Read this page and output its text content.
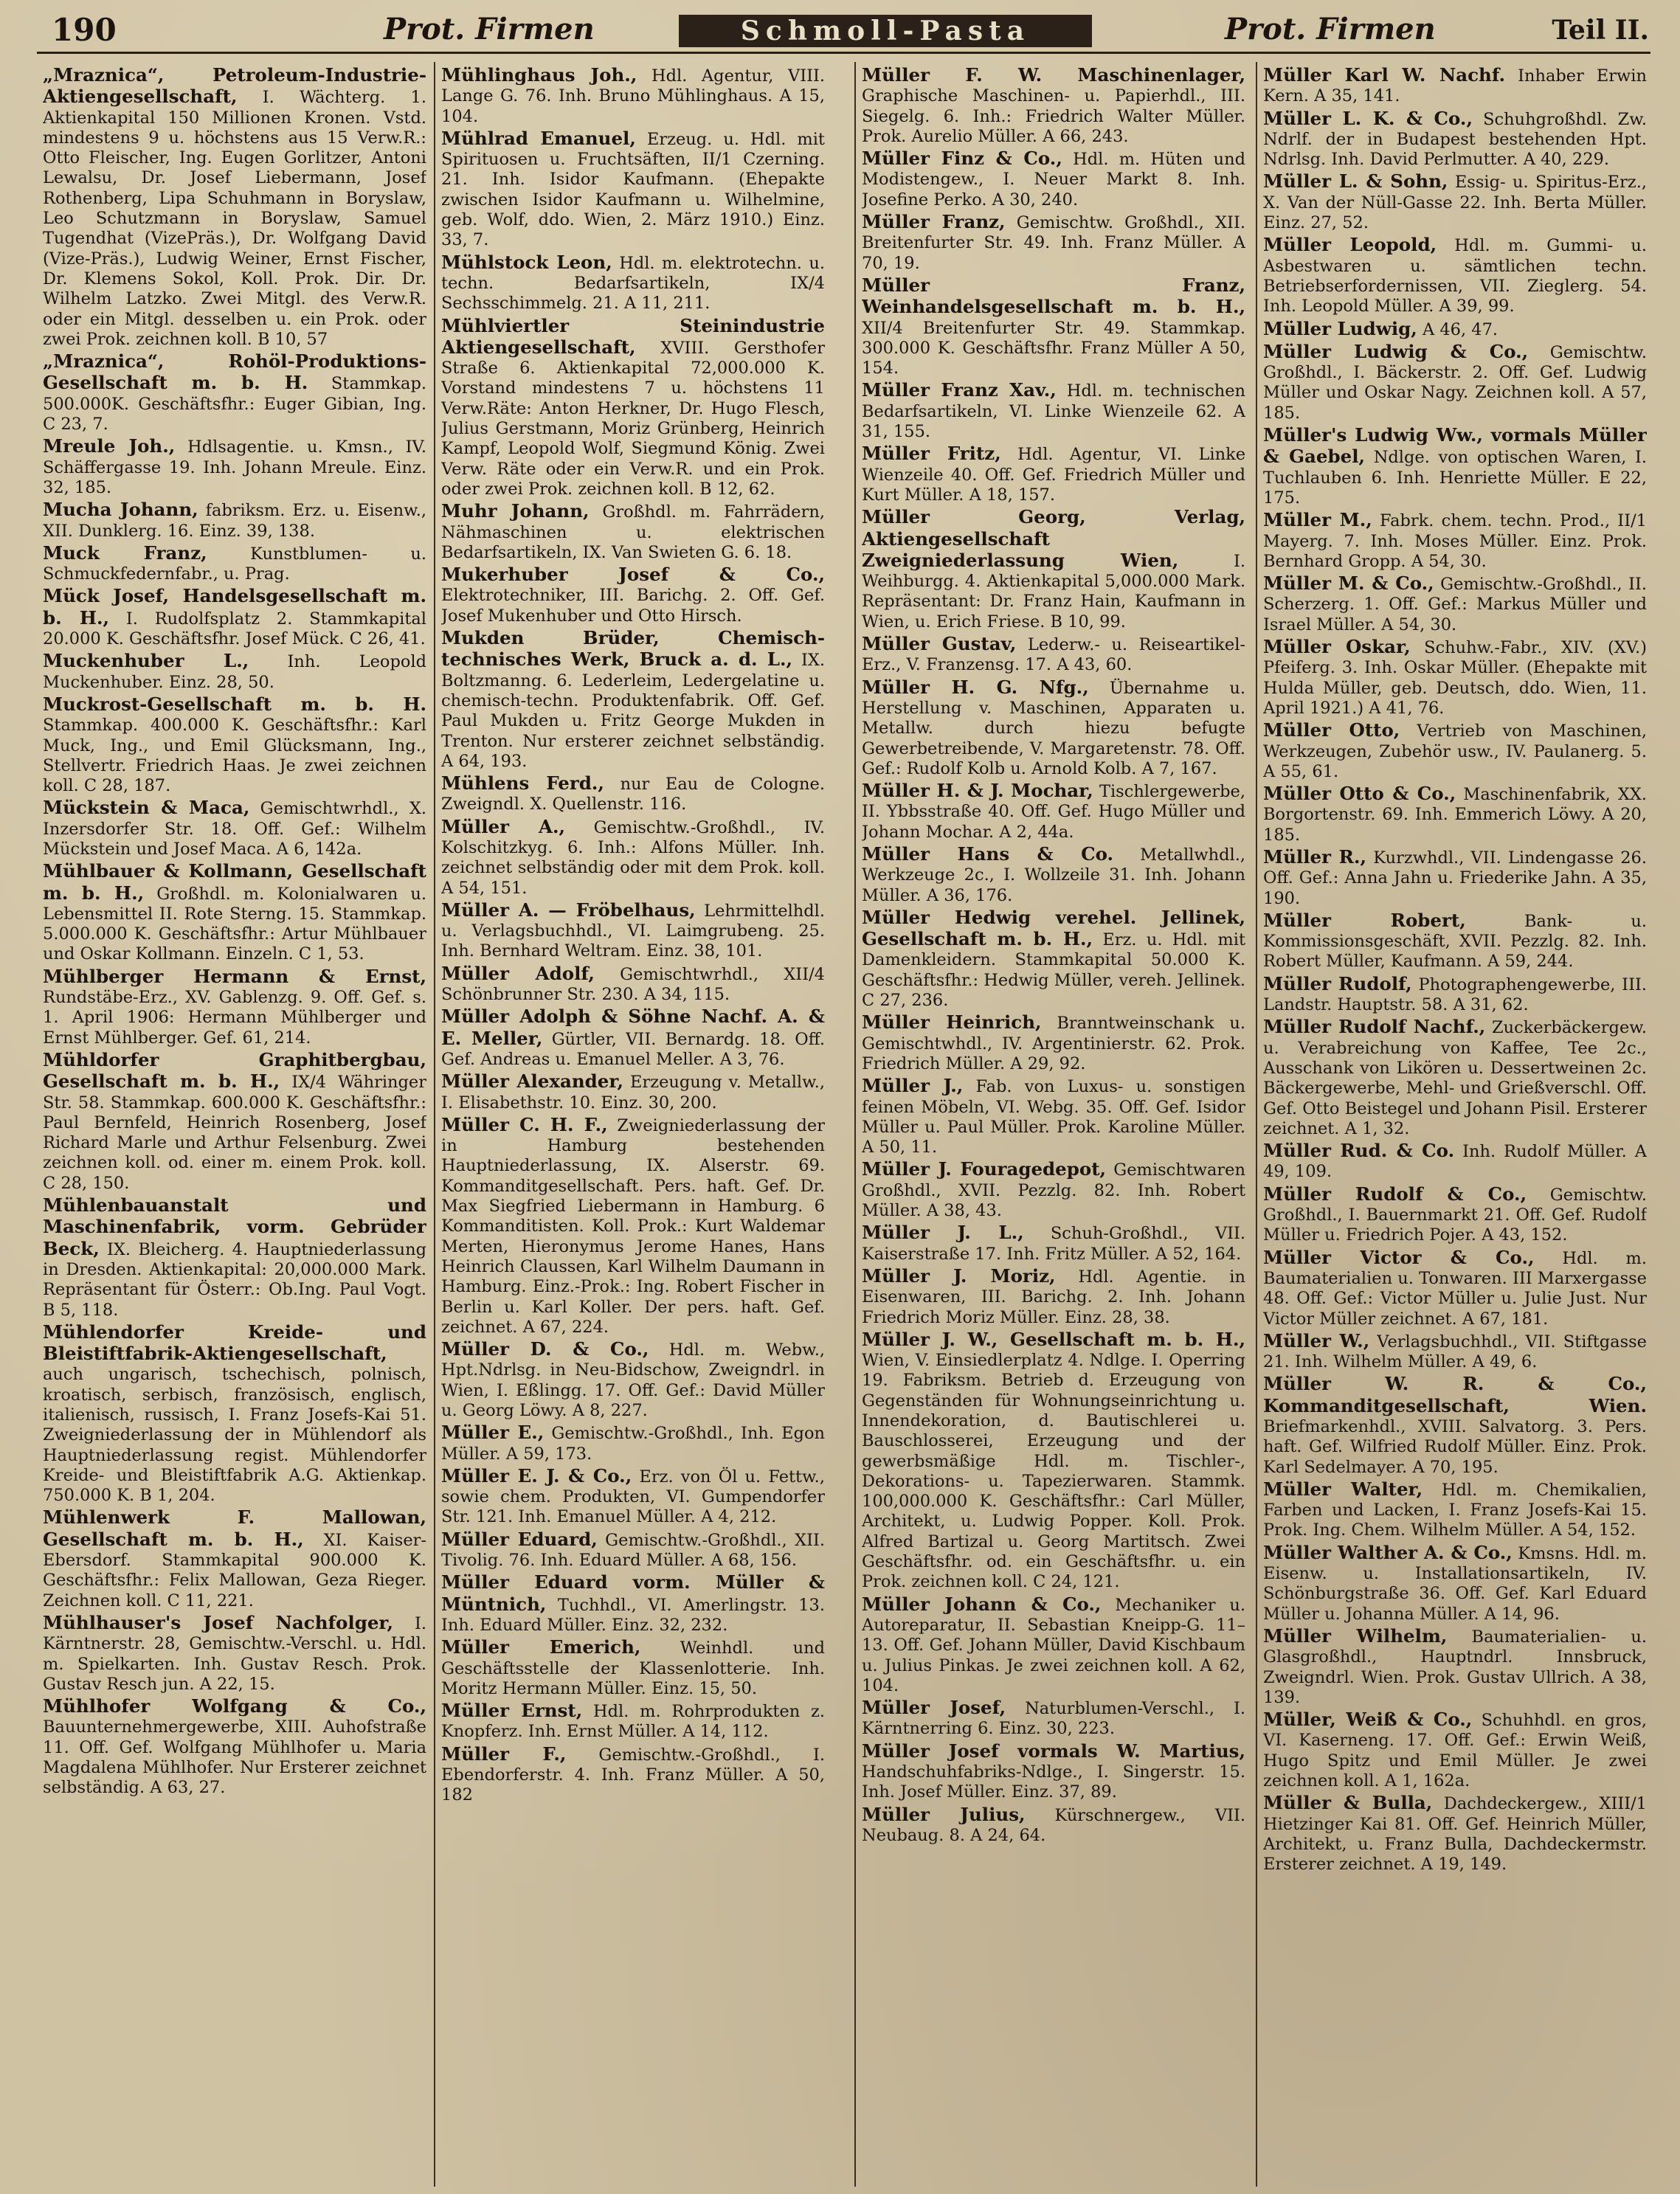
190	Prot. Firmen	Schmoll-Pasta	Prot. Firmen	Teil II.
„Mraznica“, Petroleum-Industrie-Aktiengesellschaft, I. Wächterg. 1. Aktienkapital 150 Millionen Kronen. Vstd. mindestens 9 u. höchstens aus 15 Verw.R.: Otto Fleischer, Ing. Eugen Gorlitzer, Antoni Lewalsu, Dr. Josef Liebermann, Josef Rothenberg, Lipa Schuhmann in Boryslaw, Leo Schutzmann in Boryslaw, Samuel Tugendhat (VizePräs.), Dr. Wolfgang David (Vize-Präs.), Ludwig Weiner, Ernst Fischer, Dr. Klemens Sokol, Koll. Prok. Dir. Dr. Wilhelm Latzko. Zwei Mitgl. des Verw.R. oder ein Mitgl. desselben u. ein Prok. oder zwei Prok. zeichnen koll. B 10, 57
„Mraznica“, Rohöl-Produktions-Gesellschaft m. b. H. Stammkap. 500.000K. Geschäftsfhr.: Euger Gibian, Ing. C 23, 7.
Mreule Joh., Hdlsagentie. u. Kmsn., IV. Schäffergasse 19. Inh. Johann Mreule. Einz. 32, 185.
Mucha Johann, fabriksm. Erz. u. Eisenw., XII. Dunklerg. 16. Einz. 39, 138.
Muck Franz,	Kunstblumen- u. Schmuckfedernfabr., u. Prag.
Mück Josef, Handelsgesellschaft m. b. H., I. Rudolfsplatz 2. Stammkapital 20.000 K. Geschäftsfhr. Josef Mück. C 26, 41.
Muckenhuber L., Inh. Leopold Muckenhuber. Einz. 28, 50.
Muckrost-Gesellschaft m. b. H. Stammkap. 400.000 K. Geschäftsfhr.: Karl Muck, Ing., und Emil Glücksmann, Ing., Stellvertr. Friedrich Haas. Je zwei zeichnen koll. C 28, 187.
Mückstein & Maca, Gemischtwrhdl., X. Inzersdorfer Str. 18. Off. Gef.: Wilhelm Mückstein und Josef Maca. A 6, 142a.
Mühlbauer & Kollmann, Gesellschaft m. b. H., Großhdl. m. Kolonialwaren u. Lebensmittel II. Rote Sterng. 15. Stammkap. 5.000.000 K. Geschäftsfhr.: Artur Mühlbauer und Oskar Kollmann. Einzeln. C 1, 53.
Mühlberger Hermann & Ernst, Rundstäbe-Erz., XV. Gablenzg. 9. Off. Gef. s. 1. April 1906: Hermann Mühlberger und Ernst Mühlberger. Gef. 61, 214.
Mühldorfer Graphitbergbau, Gesellschaft m. b. H., IX/4 Währinger Str. 58. Stammkap. 600.000 K. Geschäftsfhr.: Paul Bernfeld, Heinrich Rosenberg, Josef Richard Marle und Arthur Felsenburg. Zwei zeichnen koll. od. einer m. einem Prok. koll. C 28, 150.
Mühlenbauanstalt und Maschinenfabrik, vorm. Gebrüder Beck, IX. Bleicherg. 4. Hauptniederlassung in Dresden. Aktienkapital: 20,000.000 Mark. Repräsentant für Österr.: Ob.Ing. Paul Vogt. B 5, 118.
Mühlendorfer Kreide- und Bleistiftfabrik-Aktiengesellschaft, auch ungarisch, tschechisch, polnisch, kroatisch, serbisch, französisch, englisch, italienisch, russisch, I. Franz Josefs-Kai 51. Zweigniederlassung der in Mühlendorf als Hauptniederlassung regist. Mühlendorfer Kreide- und Bleistiftfabrik A.G. Aktienkap. 750.000 K. B 1, 204.
Mühlenwerk F. Mallowan, Gesellschaft m. b. H., XI. Kaiser-Ebersdorf. Stammkapital 900.000 K. Geschäftsfhr.: Felix Mallowan, Geza Rieger. Zeichnen koll. C 11, 221.
Mühlhauser's Josef Nachfolger, I. Kärntnerstr. 28, Gemischtw.-Verschl. u. Hdl. m. Spielkarten. Inh. Gustav Resch. Prok. Gustav Resch jun. A 22, 15.
Mühlhofer Wolfgang & Co., Bauunternehmergewerbe, XIII. Auhofstraße 11. Off. Gef. Wolfgang Mühlhofer u. Maria Magdalena Mühlhofer. Nur Ersterer zeichnet selbständig. A 63, 27.
Mühlinghaus Joh., Hdl. Agentur, VIII. Lange G. 76. Inh. Bruno Mühlinghaus. A 15, 104.
Mühlrad Emanuel, Erzeug. u. Hdl. mit Spirituosen u. Fruchtsäften, II/1 Czerning. 21. Inh. Isidor Kaufmann. (Ehepakte zwischen Isidor Kaufmann u. Wilhelmine, geb. Wolf, ddo. Wien, 2. März 1910.) Einz. 33, 7.
Mühlstock Leon, Hdl. m. elektrotechn. u. techn. Bedarfsartikeln, IX/4 Sechsschimmelg. 21. A 11, 211.
Mühlviertler Steinindustrie Aktiengesellschaft, XVIII. Gersthofer Straße 6. Aktienkapital 72,000.000 K. Vorstand mindestens 7 u. höchstens 11 Verw.Räte: Anton Herkner, Dr. Hugo Flesch, Julius Gerstmann, Moriz Grünberg, Heinrich Kampf, Leopold Wolf, Siegmund König. Zwei Verw. Räte oder ein Verw.R. und ein Prok. oder zwei Prok. zeichnen koll. B 12, 62.
Muhr Johann, Großhdl. m. Fahrrädern, Nähmaschinen u. elektrischen Bedarfsartikeln, IX. Van Swieten G. 6. 18.
Mukerhuber Josef & Co., Elektrotechniker, III. Barichg. 2. Off. Gef. Josef Mukenhuber und Otto Hirsch.
Mukden Brüder, Chemisch-technisches Werk, Bruck a. d. L., IX. Boltzmanng. 6. Lederleim, Ledergelatine u. chemisch-techn. Produktenfabrik. Off. Gef. Paul Mukden u. Fritz George Mukden in Trenton. Nur ersterer zeichnet selbständig. A 64, 193.
Mühlens Ferd., nur Eau de Cologne. Zweigndl. X. Quellenstr. 116.
Müller A., Gemischtw.-Großhdl., IV. Kolschitzkyg. 6. Inh.: Alfons Müller. Inh. zeichnet selbständig oder mit dem Prok. koll. A 54, 151.
Müller A. — Fröbelhaus, Lehrmittelhdl. u. Verlagsbuchhdl., VI. Laimgrubeng. 25. Inh. Bernhard Weltram. Einz. 38, 101.
Müller Adolf, Gemischtwrhdl., XII/4 Schönbrunner Str. 230. A 34, 115.
Müller Adolph & Söhne Nachf. A. & E. Meller, Gürtler, VII. Bernardg. 18. Off. Gef. Andreas u. Emanuel Meller. A 3, 76.
Müller Alexander, Erzeugung v. Metallw., I. Elisabethstr. 10. Einz. 30, 200.
Müller C. H. F., Zweigniederlassung der in Hamburg bestehenden Hauptniederlassung, IX. Alserstr. 69. Kommanditgesellschaft. Pers. haft. Gef. Dr. Max Siegfried Liebermann in Hamburg. 6 Kommanditisten. Koll. Prok.: Kurt Waldemar Merten, Hieronymus Jerome Hanes, Hans Heinrich Claussen, Karl Wilhelm Daumann in Hamburg. Einz.-Prok.: Ing. Robert Fischer in Berlin u. Karl Koller. Der pers. haft. Gef. zeichnet. A 67, 224.
Müller D. & Co., Hdl. m. Webw., Hpt.Ndrlsg. in Neu-Bidschow, Zweigndrl. in Wien, I. Eßlingg. 17. Off. Gef.: David Müller u. Georg Löwy. A 8, 227.
Müller E., Gemischtw.-Großhdl., Inh. Egon Müller. A 59, 173.
Müller E. J. & Co., Erz. von Öl u. Fettw., sowie chem. Produkten, VI. Gumpendorfer Str. 121. Inh. Emanuel Müller. A 4, 212.
Müller Eduard, Gemischtw.-Großhdl., XII. Tivolig. 76. Inh. Eduard Müller. A 68, 156.
Müller Eduard vorm. Müller & Müntnich, Tuchhdl., VI. Amerlingstr. 13. Inh. Eduard Müller. Einz. 32, 232.
Müller Emerich, Weinhdl. und Geschäftsstelle der Klassenlotterie. Inh. Moritz Hermann Müller. Einz. 15, 50.
Müller Ernst, Hdl. m. Rohrprodukten z. Knopferz. Inh. Ernst Müller. A 14, 112.
Müller F., Gemischtw.-Großhdl., I. Ebendorferstr. 4. Inh. Franz Müller. A 50, 182
Müller F. W. Maschinenlager, Graphische Maschinen- u. Papierhdl., III. Siegelg. 6. Inh.: Friedrich Walter Müller. Prok. Aurelio Müller. A 66, 243.
Müller Finz & Co., Hdl. m. Hüten und Modistengew., I. Neuer Markt 8. Inh. Josefine Perko. A 30, 240.
Müller Franz, Gemischtw. Großhdl., XII. Breitenfurter Str. 49. Inh. Franz Müller. A 70, 19.
Müller Franz, Weinhandelsgesellschaft m. b. H., XII/4 Breitenfurter Str. 49. Stammkap. 300.000 K. Geschäftsfhr. Franz Müller A 50, 154.
Müller Franz Xav., Hdl. m. technischen Bedarfsartikeln, VI. Linke Wienzeile 62. A 31, 155.
Müller Fritz, Hdl. Agentur, VI. Linke Wienzeile 40. Off. Gef. Friedrich Müller und Kurt Müller. A 18, 157.
Müller Georg, Verlag, Aktiengesellschaft Zweigniederlassung Wien,	I. Weihburgg. 4. Aktienkapital 5,000.000 Mark. Repräsentant: Dr. Franz Hain, Kaufmann in Wien, u. Erich Friese. B 10, 99.
Müller Gustav, Lederw.- u. Reiseartikel-Erz., V. Franzensg. 17. A 43, 60.
Müller H. G. Nfg., Übernahme u. Herstellung v. Maschinen, Apparaten u. Metallw. durch hiezu befugte Gewerbetreibende, V. Margaretenstr. 78. Off. Gef.: Rudolf Kolb u. Arnold Kolb. A 7, 167.
Müller H. & J. Mochar, Tischlergewerbe, II. Ybbsstraße 40. Off. Gef. Hugo Müller und Johann Mochar. A 2, 44a.
Müller Hans & Co. Metallwhdl., Werkzeuge 2c., I. Wollzeile 31. Inh. Johann Müller. A 36, 176.
Müller Hedwig verehel. Jellinek, Gesellschaft m. b. H., Erz. u. Hdl. mit Damenkleidern. Stammkapital 50.000 K. Geschäftsfhr.: Hedwig Müller, vereh. Jellinek. C 27, 236.
Müller Heinrich, Branntweinschank u. Gemischtwhdl., IV. Argentinierstr. 62. Prok. Friedrich Müller. A 29, 92.
Müller J., Fab. von Luxus- u. sonstigen feinen Möbeln, VI. Webg. 35. Off. Gef. Isidor Müller u. Paul Müller. Prok. Karoline Müller. A 50, 11.
Müller J. Fouragedepot, Gemischtwaren Großhdl., XVII. Pezzlg. 82. Inh. Robert Müller. A 38, 43.
Müller J. L., Schuh-Großhdl., VII. Kaiserstraße 17. Inh. Fritz Müller. A 52, 164.
Müller J. Moriz, Hdl. Agentie. in Eisenwaren, III. Barichg. 2. Inh. Johann Friedrich Moriz Müller. Einz. 28, 38.
Müller J. W., Gesellschaft m. b. H., Wien, V. Einsiedlerplatz 4. Ndlge. I. Operring 19. Fabriksm. Betrieb d. Erzeugung von Gegenständen für Wohnungseinrichtung u. Innendekoration, d. Bautischlerei u. Bauschlosserei, Erzeugung und der gewerbsmäßige Hdl. m. Tischler-, Dekorations- u. Tapezierwaren. Stammk. 100,000.000 K. Geschäftsfhr.: Carl Müller, Architekt, u. Ludwig Popper. Koll. Prok. Alfred Bartizal u. Georg Martitsch. Zwei Geschäftsfhr. od. ein Geschäftsfhr. u. ein Prok. zeichnen koll. C 24, 121.
Müller Johann & Co., Mechaniker u. Autoreparatur, II. Sebastian Kneipp-G. 11–13. Off. Gef. Johann Müller, David Kischbaum u. Julius Pinkas. Je zwei zeichnen koll. A 62, 104.
Müller Josef, Naturblumen-Verschl., I. Kärntnerring 6. Einz. 30, 223.
Müller Josef vormals W. Martius, Handschuhfabriks-Ndlge., I. Singerstr. 15. Inh. Josef Müller. Einz. 37, 89.
Müller Julius, Kürschnergew., VII. Neubaug. 8. A 24, 64.
Müller Karl W. Nachf. Inhaber Erwin Kern. A 35, 141.
Müller L. K. & Co., Schuhgroßhdl. Zw. Ndrlf. der in Budapest bestehenden Hpt. Ndrlsg. Inh. David Perlmutter. A 40, 229.
Müller L. & Sohn, Essig- u. Spiritus-Erz., X. Van der Nüll-Gasse 22. Inh. Berta Müller. Einz. 27, 52.
Müller Leopold, Hdl. m. Gummi- u. Asbestwaren u. sämtlichen techn. Betriebserfordernissen, VII. Zieglerg. 54. Inh. Leopold Müller. A 39, 99.
Müller Ludwig, A 46, 47.
Müller Ludwig & Co., Gemischtw. Großhdl., I. Bäckerstr. 2. Off. Gef. Ludwig Müller und Oskar Nagy. Zeichnen koll. A 57, 185.
Müller's Ludwig Ww., vormals Müller & Gaebel, Ndlge. von optischen Waren, I. Tuchlauben 6. Inh. Henriette Müller. E 22, 175.
Müller M., Fabrk. chem. techn. Prod., II/1 Mayerg. 7. Inh. Moses Müller. Einz. Prok. Bernhard Gropp. A 54, 30.
Müller M. & Co., Gemischtw.-Großhdl., II. Scherzerg. 1. Off. Gef.: Markus Müller und Israel Müller. A 54, 30.
Müller Oskar, Schuhw.-Fabr., XIV. (XV.) Pfeiferg. 3. Inh. Oskar Müller. (Ehepakte mit Hulda Müller, geb. Deutsch, ddo. Wien, 11. April 1921.) A 41, 76.
Müller Otto, Vertrieb von Maschinen, Werkzeugen, Zubehör usw., IV. Paulanerg. 5. A 55, 61.
Müller Otto & Co., Maschinenfabrik, XX. Borgortenstr. 69. Inh. Emmerich Löwy. A 20, 185.
Müller R., Kurzwhdl., VII. Lindengasse 26. Off. Gef.: Anna Jahn u. Friederike Jahn. A 35, 190.
Müller Robert,	Bank- u. Kommissionsgeschäft, XVII. Pezzlg. 82. Inh. Robert Müller, Kaufmann. A 59, 244.
Müller Rudolf, Photographengewerbe, III. Landstr. Hauptstr. 58. A 31, 62.
Müller Rudolf Nachf., Zuckerbäckergew. u. Verabreichung von Kaffee, Tee 2c., Ausschank von Likören u. Dessertweinen 2c. Bäckergewerbe, Mehl- und Grießverschl. Off. Gef. Otto Beistegel und Johann Pisil. Ersterer zeichnet. A 1, 32.
Müller Rud. & Co. Inh. Rudolf Müller. A 49, 109.
Müller Rudolf & Co., Gemischtw. Großhdl., I. Bauernmarkt 21. Off. Gef. Rudolf Müller u. Friedrich Pojer. A 43, 152.
Müller Victor & Co., Hdl. m. Baumaterialien u. Tonwaren. III Marxergasse 48. Off. Gef.: Victor Müller u. Julie Just. Nur Victor Müller zeichnet. A 67, 181.
Müller W., Verlagsbuchhdl., VII. Stiftgasse 21. Inh. Wilhelm Müller. A 49, 6.
Müller W. R. & Co., Kommanditgesellschaft, Wien. Briefmarkenhdl., XVIII. Salvatorg. 3. Pers. haft. Gef. Wilfried Rudolf Müller. Einz. Prok. Karl Sedelmayer. A 70, 195.
Müller Walter, Hdl. m. Chemikalien, Farben und Lacken, I. Franz Josefs-Kai 15. Prok. Ing. Chem. Wilhelm Müller. A 54, 152.
Müller Walther A. & Co., Kmsns. Hdl. m. Eisenw. u. Installationsartikeln, IV. Schönburgstraße 36. Off. Gef. Karl Eduard Müller u. Johanna Müller. A 14, 96.
Müller Wilhelm, Baumaterialien- u. Glasgroßhdl., Hauptndrl. Innsbruck, Zweigndrl. Wien. Prok. Gustav Ullrich. A 38, 139.
Müller, Weiß & Co., Schuhhdl. en gros, VI. Kaserneng. 17. Off. Gef.: Erwin Weiß, Hugo Spitz und Emil Müller. Je zwei zeichnen koll. A 1, 162a.
Müller & Bulla, Dachdeckergew., XIII/1 Hietzinger Kai 81. Off. Gef. Heinrich Müller, Architekt, u. Franz Bulla, Dachdeckermstr. Ersterer zeichnet. A 19, 149.
